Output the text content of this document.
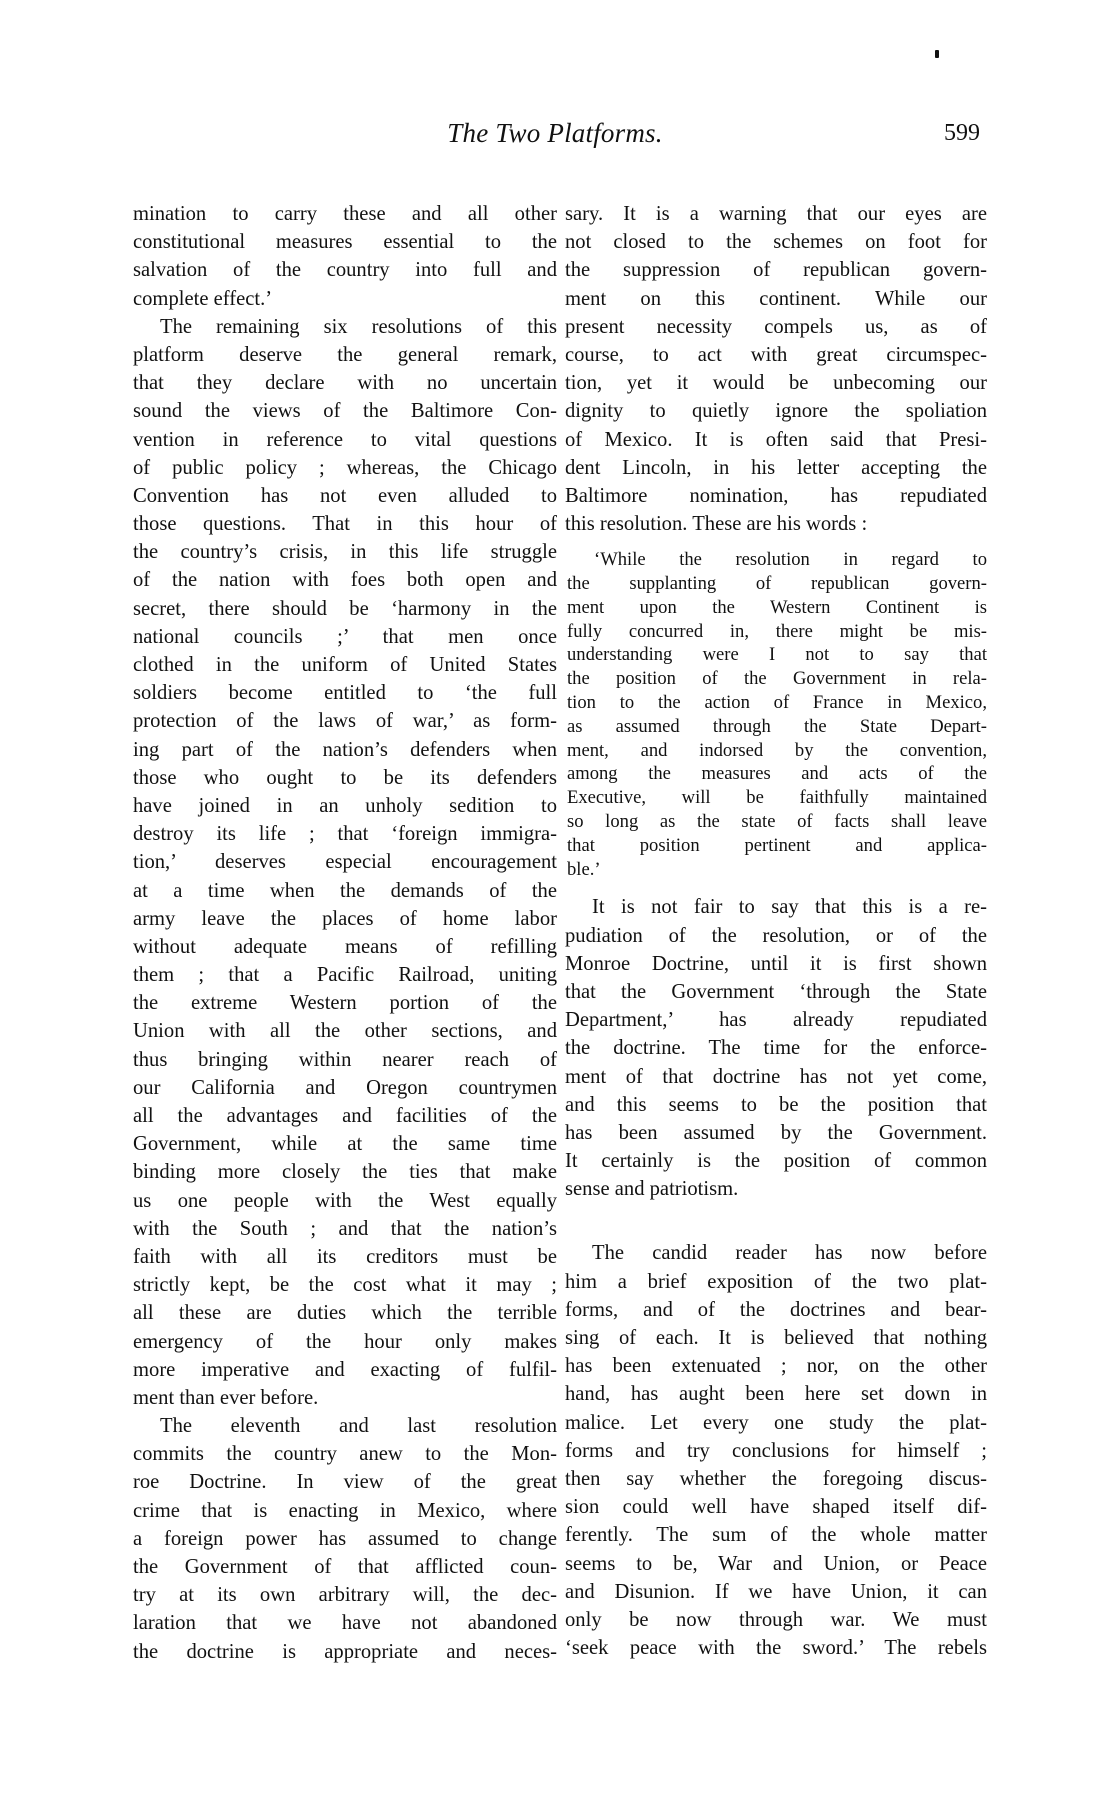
The Two Platforms.	599
mination to carry these and all other
constitutional measures essential to the
salvation of the country into full and
complete effect.’
The remaining six resolutions of this
platform deserve the general remark,
that they declare with no uncertain
sound the views of the Baltimore Con-
vention in reference to vital questions
of public policy ; whereas, the Chicago
Convention has not even alluded to
those questions. That in this hour of
the country’s crisis, in this life struggle
of the nation with foes both open and
secret, there should be ‘harmony in the
national councils ;’ that men once
clothed in the uniform of United States
soldiers become entitled to ‘the full
protection of the laws of war,’ as form-
ing part of the nation’s defenders when
those who ought to be its defenders
have joined in an unholy sedition to
destroy its life ; that ‘foreign immigra-
tion,’ deserves especial encouragement
at a time when the demands of the
army leave the places of home labor
without adequate means of refilling
them ; that a Pacific Railroad, uniting
the extreme Western portion of the
Union with all the other sections, and
thus bringing within nearer reach of
our California and Oregon countrymen
all the advantages and facilities of the
Government, while at the same time
binding more closely the ties that make
us one people with the West equally
with the South ; and that the nation’s
faith with all its creditors must be
strictly kept, be the cost what it may ;
all these are duties which the terrible
emergency of the hour only makes
more imperative and exacting of fulfil-
ment than ever before.
The eleventh and last resolution
commits the country anew to the Mon-
roe Doctrine. In view of the great
crime that is enacting in Mexico, where
a foreign power has assumed to change
the Government of that afflicted coun-
try at its own arbitrary will, the dec-
laration that we have not abandoned
the doctrine is appropriate and neces-
sary. It is a warning that our eyes are
not closed to the schemes on foot for
the suppression of republican govern-
ment on this continent. While our
present necessity compels us, as of
course, to act with great circumspec-
tion, yet it would be unbecoming our
dignity to quietly ignore the spoliation
of Mexico. It is often said that Presi-
dent Lincoln, in his letter accepting the
Baltimore nomination, has repudiated
this resolution. These are his words :
‘While the resolution in regard to
the supplanting of republican govern-
ment upon the Western Continent is
fully concurred in, there might be mis-
understanding were I not to say that
the position of the Government in rela-
tion to the action of France in Mexico,
as assumed through the State Depart-
ment, and indorsed by the convention,
among the measures and acts of the
Executive, will be faithfully maintained
so long as the state of facts shall leave
that position pertinent and applica-
ble.’
It is not fair to say that this is a re-
pudiation of the resolution, or of the
Monroe Doctrine, until it is first shown
that the Government ‘through the State
Department,’ has already repudiated
the doctrine. The time for the enforce-
ment of that doctrine has not yet come,
and this seems to be the position that
has been assumed by the Government.
It certainly is the position of common
sense and patriotism.
The candid reader has now before
him a brief exposition of the two plat-
forms, and of the doctrines and bear-
sing of each. It is believed that nothing
has been extenuated ; nor, on the other
hand, has aught been here set down in
malice. Let every one study the plat-
forms and try conclusions for himself ;
then say whether the foregoing discus-
sion could well have shaped itself dif-
ferently. The sum of the whole matter
seems to be, War and Union, or Peace
and Disunion. If we have Union, it can
only be now through war. We must
‘seek peace with the sword.’ The rebels
